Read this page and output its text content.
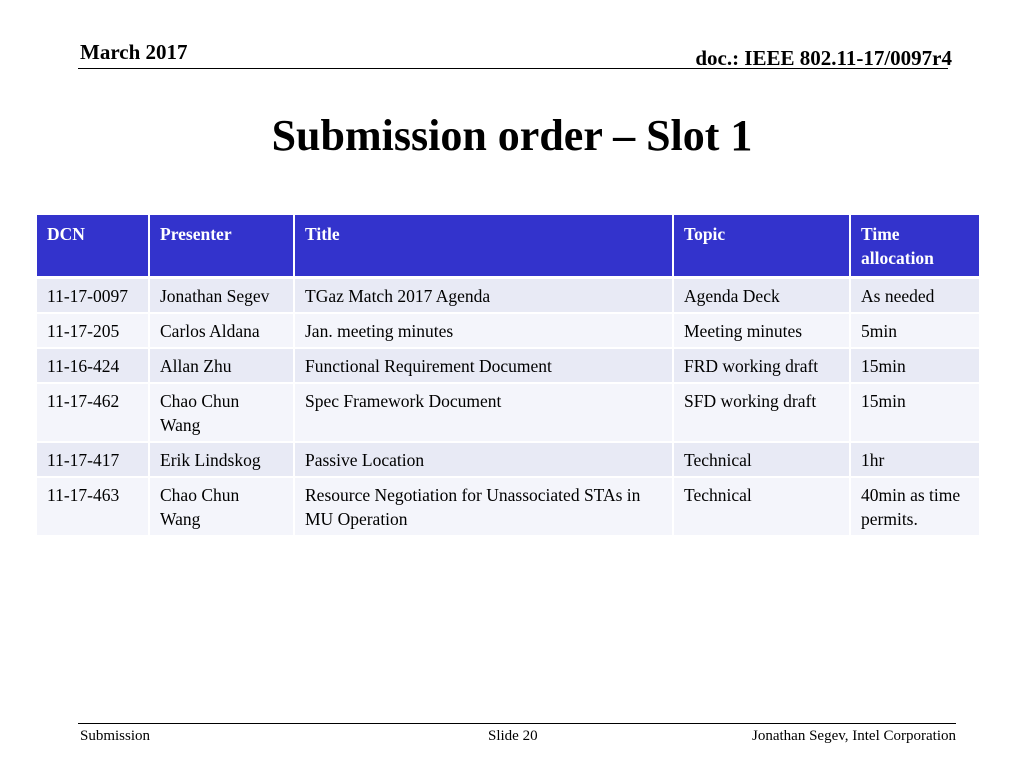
March 2017	doc.: IEEE 802.11-17/0097r4
Submission order – Slot 1
DCN	Presenter	Title	Topic	Time allocation
11-17-0097	Jonathan Segev	TGaz Match 2017 Agenda	Agenda Deck	As needed
11-17-205	Carlos Aldana	Jan. meeting minutes	Meeting minutes	5min
11-16-424	Allan Zhu	Functional Requirement Document	FRD working draft	15min
11-17-462	Chao Chun Wang	Spec Framework Document	SFD working draft	15min
11-17-417	Erik Lindskog	Passive Location	Technical	1hr
11-17-463	Chao Chun Wang	Resource Negotiation for Unassociated STAs in MU Operation	Technical	40min as time permits.
Submission	Slide 20	Jonathan Segev, Intel Corporation
